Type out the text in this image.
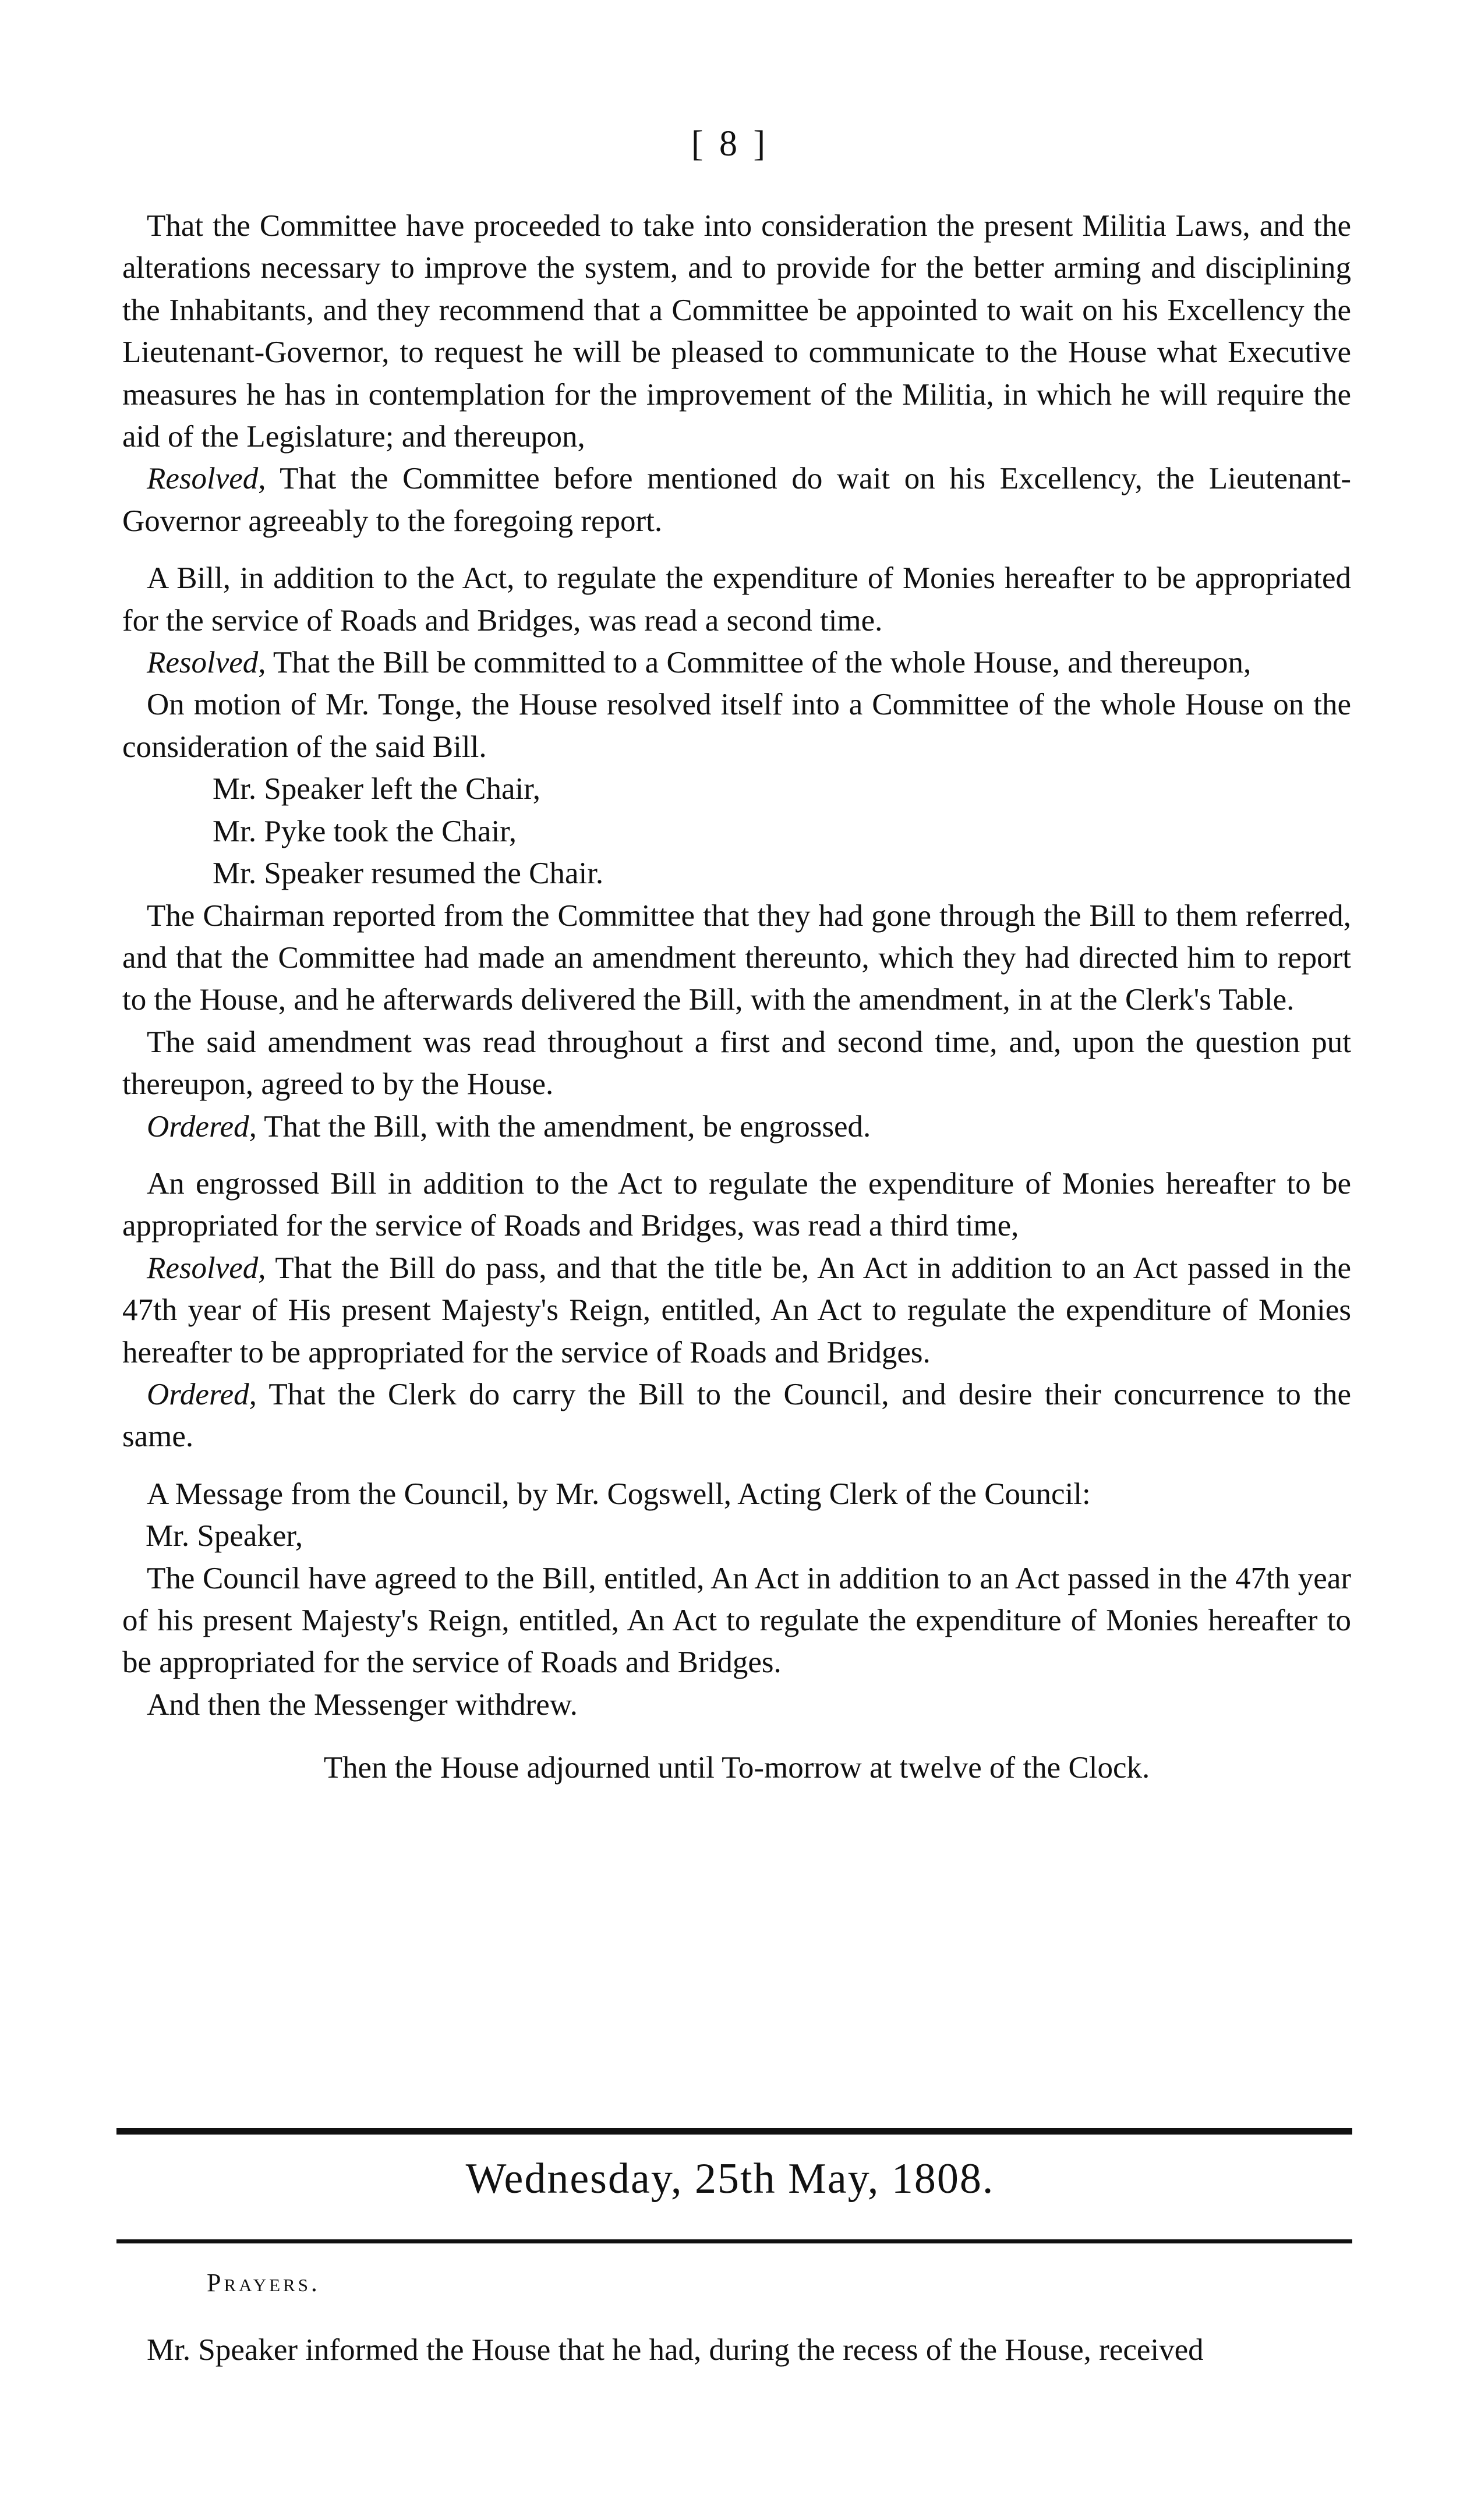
[ 8 ]

That the Committee have proceeded to take into consideration the present Militia Laws, and the alterations necessary to improve the system, and to provide for the better arming and disciplining the Inhabitants, and they recommend that a Committee be appointed to wait on his Excellency the Lieutenant-Governor, to request he will be pleased to communicate to the House what Executive measures he has in contemplation for the improvement of the Militia, in which he will require the aid of the Legislature; and thereupon,

Resolved, That the Committee before mentioned do wait on his Excellency, the Lieutenant-Governor agreeably to the foregoing report.

A Bill, in addition to the Act, to regulate the expenditure of Monies hereafter to be appropriated for the service of Roads and Bridges, was read a second time.

Resolved, That the Bill be committed to a Committee of the whole House, and thereupon,

On motion of Mr. Tonge, the House resolved itself into a Committee of the whole House on the consideration of the said Bill.

Mr. Speaker left the Chair,

Mr. Pyke took the Chair,

Mr. Speaker resumed the Chair.

The Chairman reported from the Committee that they had gone through the Bill to them referred, and that the Committee had made an amendment thereunto, which they had directed him to report to the House, and he afterwards delivered the Bill, with the amendment, in at the Clerk's Table.

The said amendment was read throughout a first and second time, and, upon the question put thereupon, agreed to by the House.

Ordered, That the Bill, with the amendment, be engrossed.

An engrossed Bill in addition to the Act to regulate the expenditure of Monies hereafter to be appropriated for the service of Roads and Bridges, was read a third time,

Resolved, That the Bill do pass, and that the title be, An Act in addition to an Act passed in the 47th year of His present Majesty's Reign, entitled, An Act to regulate the expenditure of Monies hereafter to be appropriated for the service of Roads and Bridges.

Ordered, That the Clerk do carry the Bill to the Council, and desire their concurrence to the same.

A Message from the Council, by Mr. Cogswell, Acting Clerk of the Council:

Mr. Speaker,

The Council have agreed to the Bill, entitled, An Act in addition to an Act passed in the 47th year of his present Majesty's Reign, entitled, An Act to regulate the expenditure of Monies hereafter to be appropriated for the service of Roads and Bridges.

And then the Messenger withdrew.

Then the House adjourned until To-morrow at twelve of the Clock.

Wednesday, 25th May, 1808.
Prayers.

Mr. Speaker informed the House that he had, during the recess of the House, received
